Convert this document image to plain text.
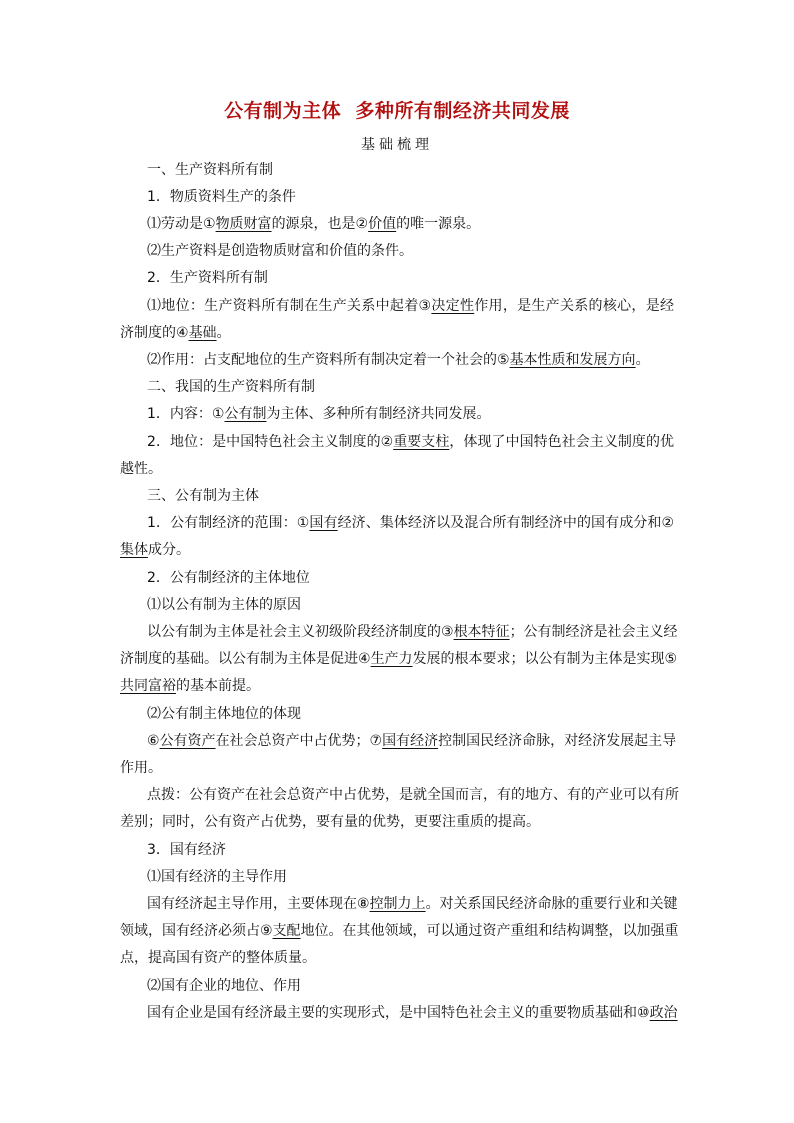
公有制为主体  多种所有制经济共同发展
基础梳理
一、生产资料所有制
1．物质资料生产的条件
⑴劳动是①物质财富的源泉，也是②价值的唯一源泉。
⑵生产资料是创造物质财富和价值的条件。
2．生产资料所有制
⑴地位：生产资料所有制在生产关系中起着③决定性作用，是生产关系的核心，是经
济制度的④基础。
⑵作用：占支配地位的生产资料所有制决定着一个社会的⑤基本性质和发展方向。
二、我国的生产资料所有制
1．内容：①公有制为主体、多种所有制经济共同发展。
2．地位：是中国特色社会主义制度的②重要支柱，体现了中国特色社会主义制度的优
越性。
三、公有制为主体
1．公有制经济的范围：①国有经济、集体经济以及混合所有制经济中的国有成分和②
集体成分。
2．公有制经济的主体地位
⑴以公有制为主体的原因
以公有制为主体是社会主义初级阶段经济制度的③根本特征；公有制经济是社会主义经
济制度的基础。以公有制为主体是促进④生产力发展的根本要求；以公有制为主体是实现⑤
共同富裕的基本前提。
⑵公有制主体地位的体现
⑥公有资产在社会总资产中占优势；⑦国有经济控制国民经济命脉，对经济发展起主导
作用。
点拨：公有资产在社会总资产中占优势，是就全国而言，有的地方、有的产业可以有所
差别；同时，公有资产占优势，要有量的优势，更要注重质的提高。
3．国有经济
⑴国有经济的主导作用
国有经济起主导作用，主要体现在⑧控制力上。对关系国民经济命脉的重要行业和关键
领域，国有经济必须占⑨支配地位。在其他领域，可以通过资产重组和结构调整，以加强重
点，提高国有资产的整体质量。
⑵国有企业的地位、作用
国有企业是国有经济最主要的实现形式，是中国特色社会主义的重要物质基础和⑩政治
